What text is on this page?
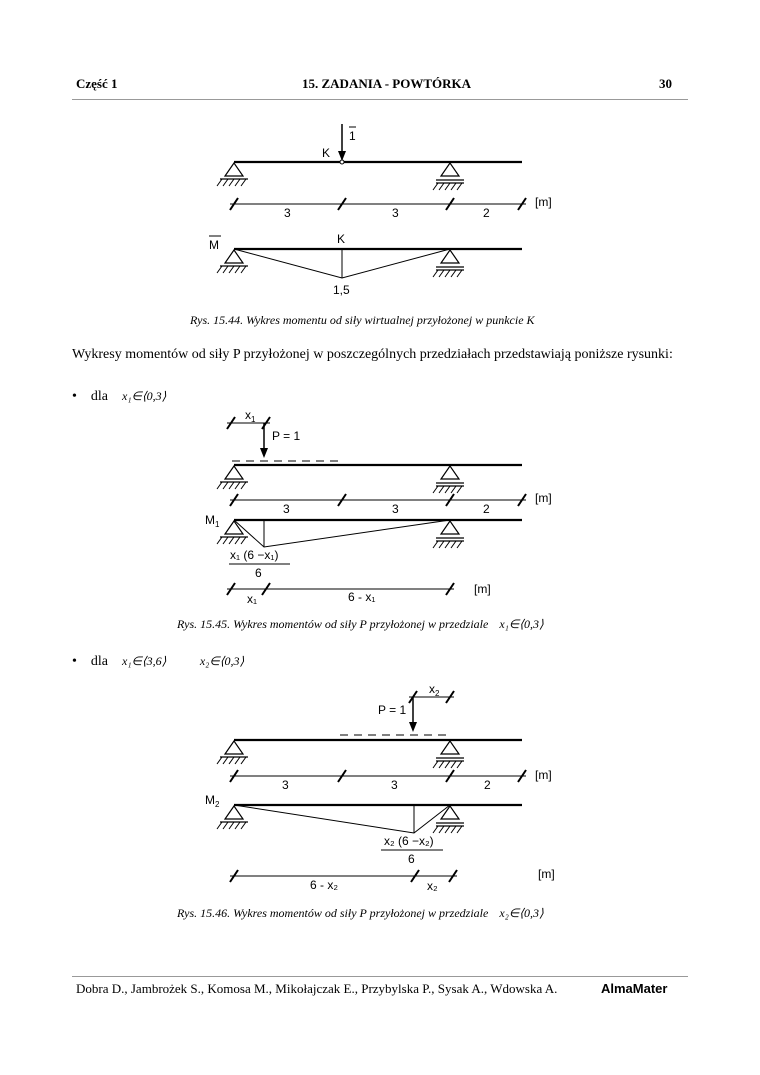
Część 1	15. ZADANIA - POWTÓRKA	30
Wykresy momentów od siły P przyłożonej w poszczególnych przedziałach przedstawiają poniższe rysunki:
• dla x₁∈⟨0,3⟩
• dla x₁∈⟨3,6⟩	x₂∈⟨0,3⟩
Rys. 15.44. Wykres momentu od siły wirtualnej przyłożonej w punkcie K
Rys. 15.45. Wykres momentów od siły P przyłożonej w przedziale x₁∈⟨0,3⟩
Rys. 15.46. Wykres momentów od siły P przyłożonej w przedziale x₂∈⟨0,3⟩
Dobra D., Jambrożek S., Komosa M., Mikołajczak E., Przybylska P., Sysak A., Wdowska A.	AlmaMater
1
K
3	3	2
[m]
M	K
1,5
$x_1$
P = 1
3	3	2
[m]
$M_1$
x₁ (6 −x₁)
6
x₁	6 - x₁
[m]
$x_2$
P = 1
3	3	2
[m]
$M_2$
x₂ (6 −x₂)
6
6 - x₂	x₂
[m]
